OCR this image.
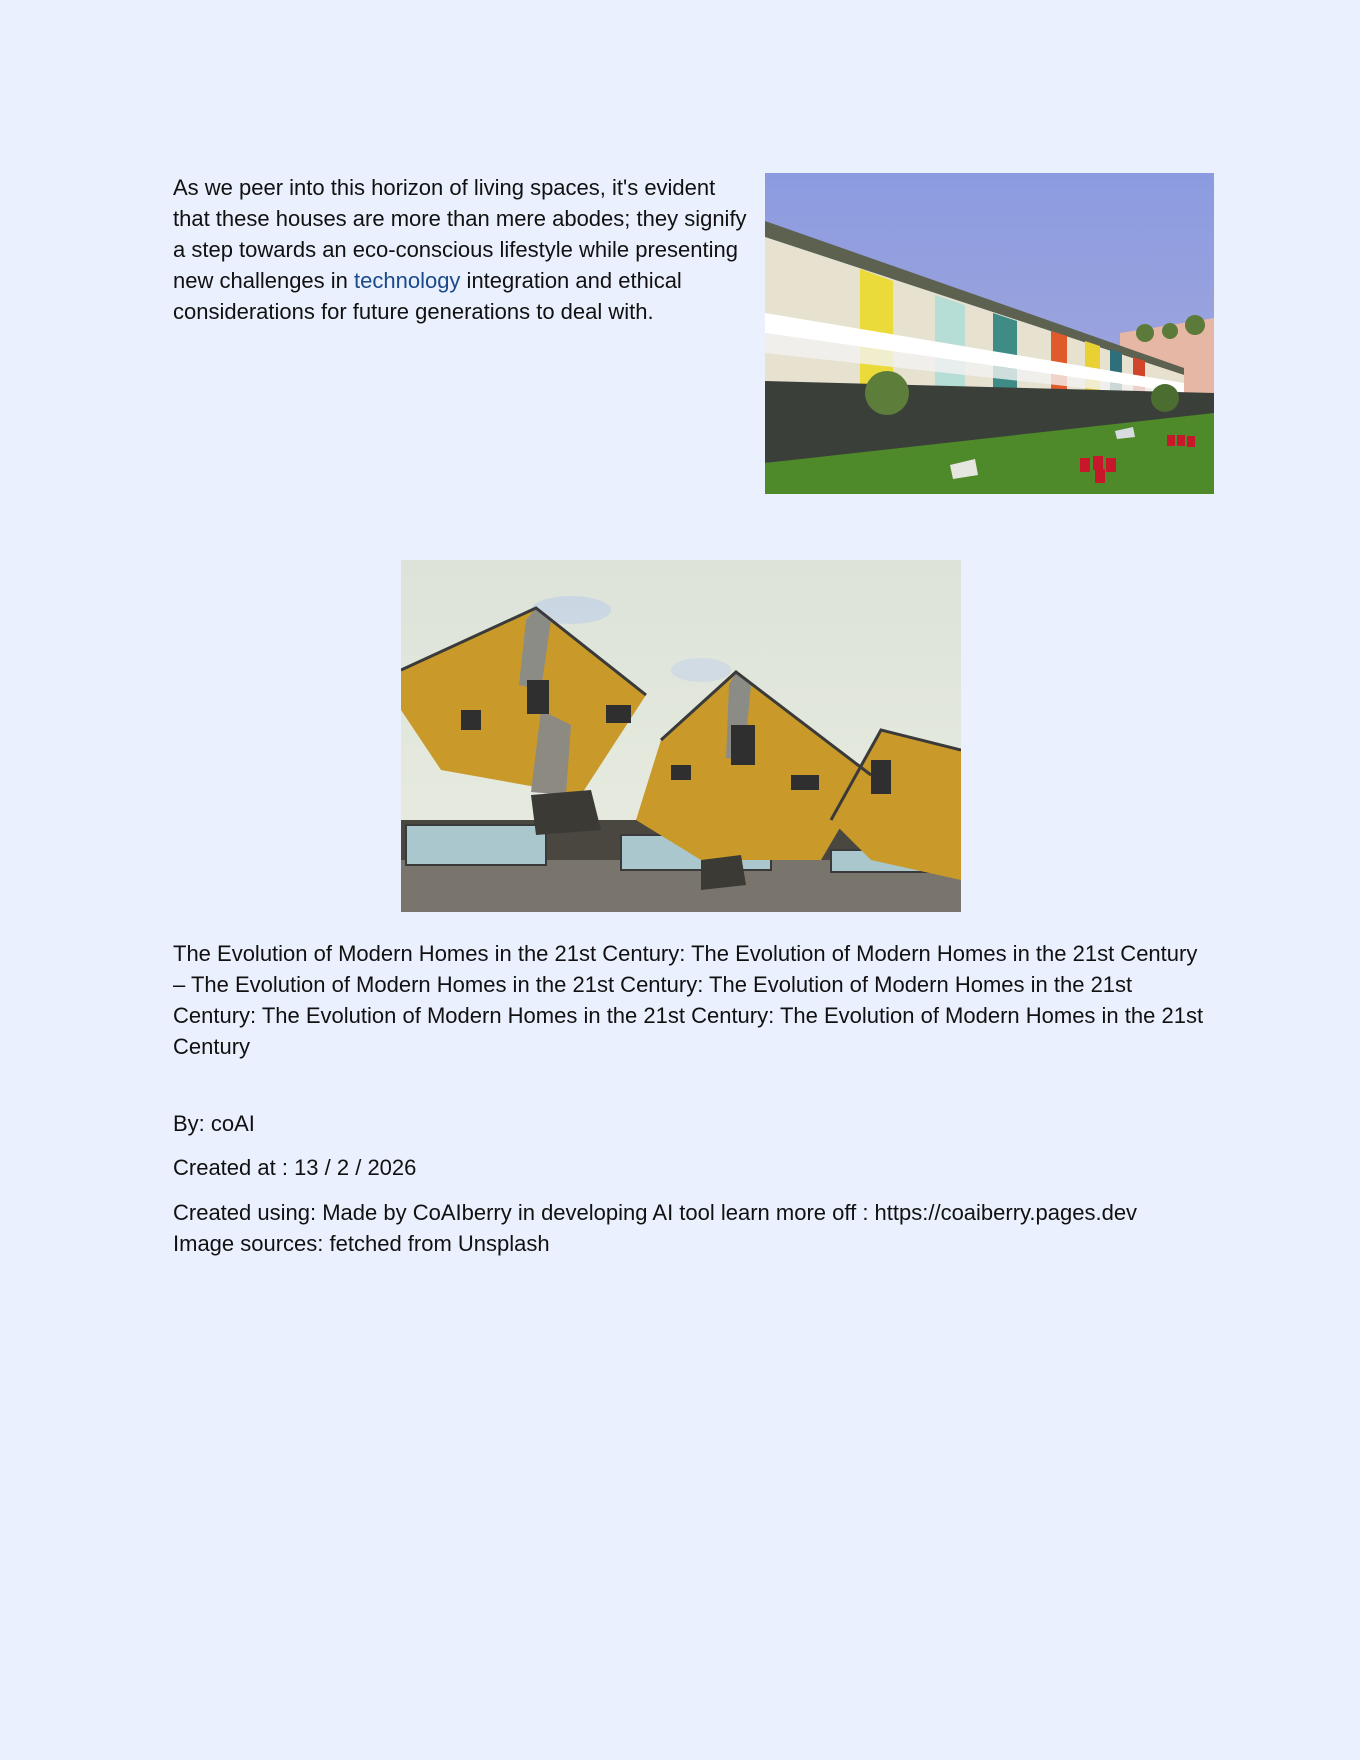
As we peer into this horizon of living spaces, it's evident that these houses are more than mere abodes; they signify a step towards an eco-conscious lifestyle while presenting new challenges in technology integration and ethical considerations for future generations to deal with.

The Evolution of Modern Homes in the 21st Century: The Evolution of Modern Homes in the 21st Century – The Evolution of Modern Homes in the 21st Century: The Evolution of Modern Homes in the 21st Century: The Evolution of Modern Homes in the 21st Century: The Evolution of Modern Homes in the 21st Century

By: coAI

Created at : 13 / 2 / 2026

Created using: Made by CoAIberry in developing AI tool learn more off : https://coaiberry.pages.dev
Image sources: fetched from Unsplash
